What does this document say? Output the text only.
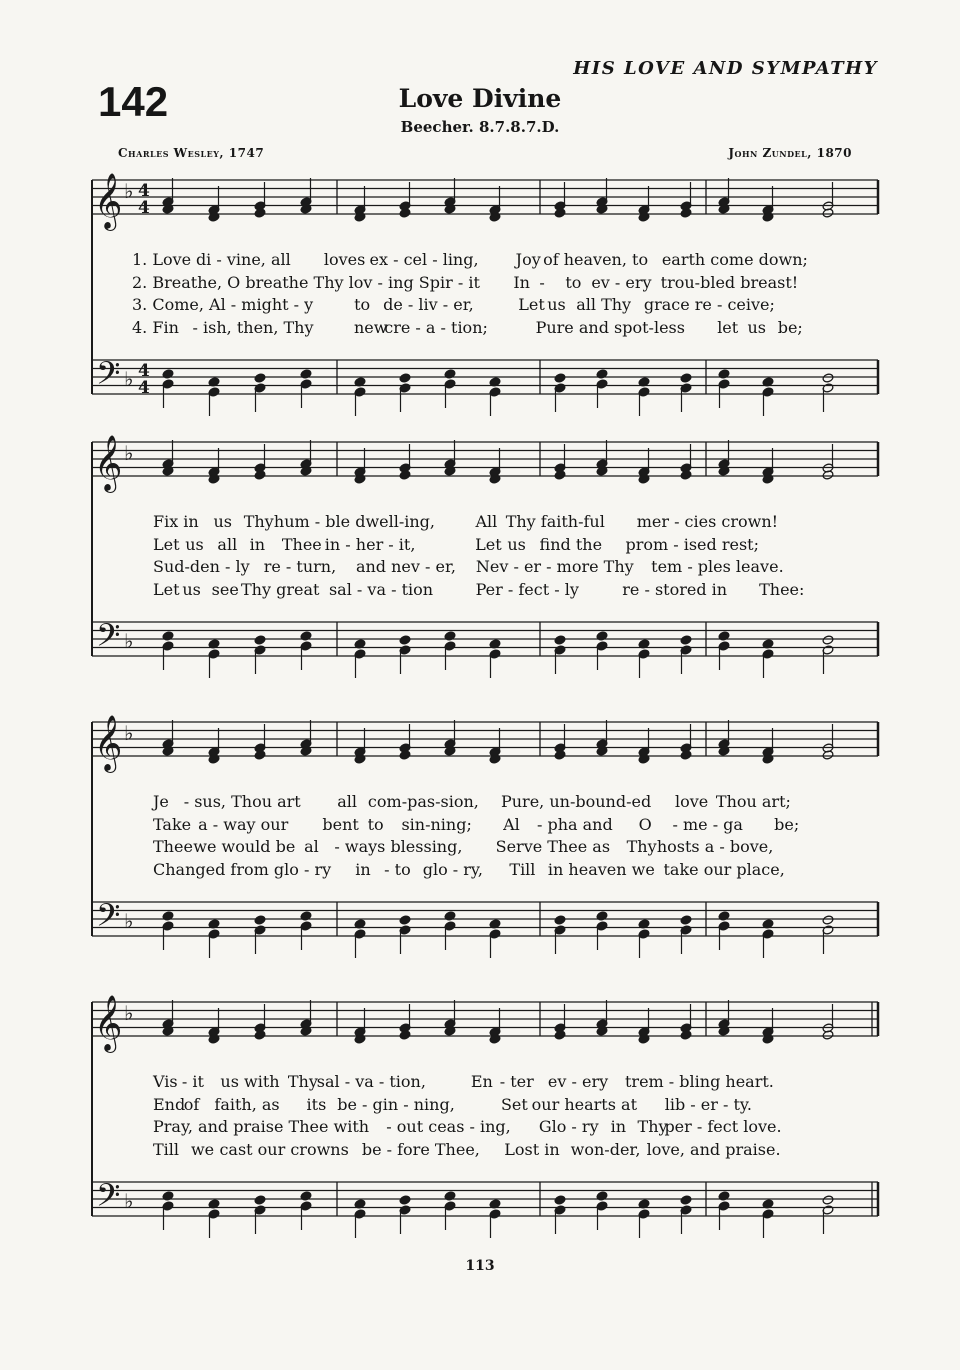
HIS LOVE AND SYMPATHY
142	Love Divine
Beecher. 8.7.8.7.D.
Charles Wesley, 1747	John Zundel, 1870
𝄞 ♭ 4
4
𝄢 ♭ 4
4
1. Love di - vine, all loves ex - cel - ling, Joy of heaven, to earth come down;
2. Breathe, O breathe Thy lov - ing Spir - it In - to ev - ery trou-bled breast!
3. Come, Al - might - y	to de - liv - er,	Let us all Thy grace re - ceive;
4. Fin - ish, then, Thy	new
cre - a - tion;	Pure and spot-less let us be;
𝄞 ♭
𝄢 ♭
Fix in us Thy hum - ble dwell-ing,	All Thy faith-ful mer - cies crown!
Let us all in Thee in - her - it,	Let us find the prom - ised rest;
Sud-den - ly re - turn, and nev - er, Nev - er - more Thy tem - ples leave.
Let us see Thy great sal - va - tion	Per - fect - ly	re - stored in Thee:
𝄞 ♭
𝄢 ♭
Je - sus, Thou art all com-pas-sion, Pure, un-bound-ed love Thou art;
Take a - way our bent to sin-ning; Al - pha and O - me - ga be;
Thee we would be al - ways blessing, Serve Thee as Thy hosts a - bove,
Changed from glo - ry in - to glo - ry, Till in heaven we take our place,
𝄞 ♭
𝄢 ♭
Vis - it us with Thy
sal - va - tion,	En - ter ev - ery trem - bling heart.
End
of faith, as its be - gin - ning,	Set our hearts at lib - er - ty.
Pray, and praise Thee with - out ceas - ing, Glo - ry in Thy
per - fect love.
Till we cast our crowns be - fore Thee, Lost in won-der, love, and praise.
113
